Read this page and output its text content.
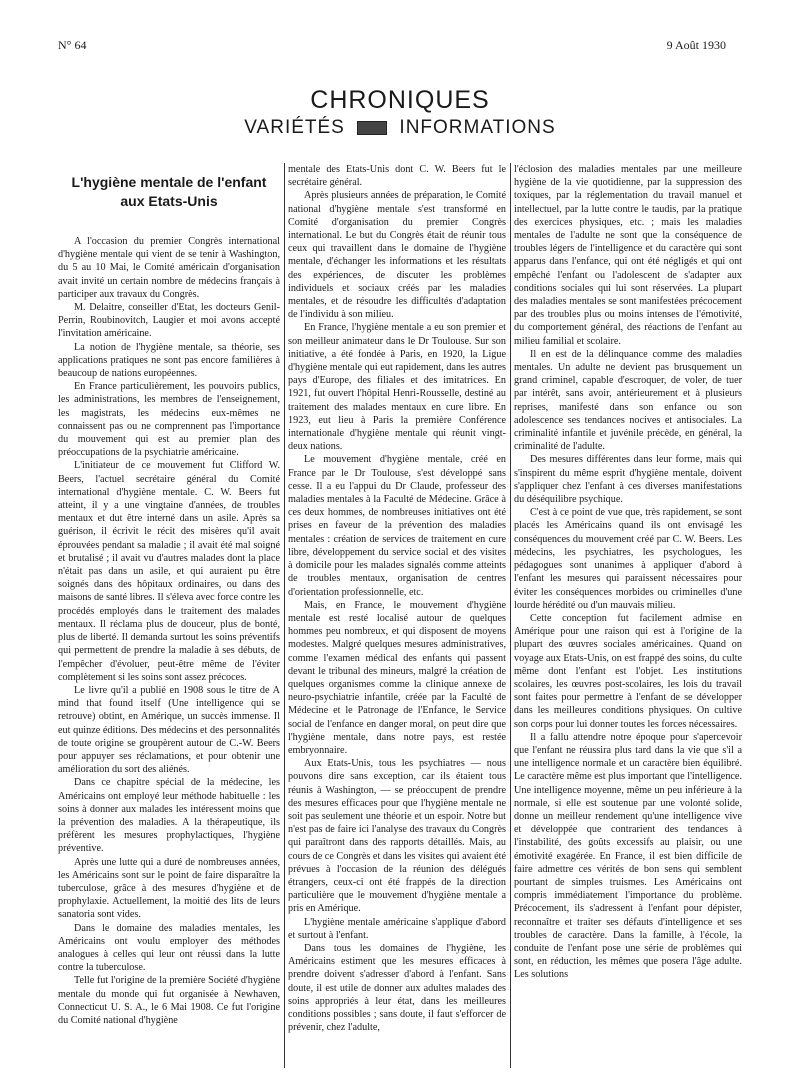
N° 64	9 Août 1930
CHRONIQUES
VARIÉTÉS	INFORMATIONS
L'hygiène mentale de l'enfant aux Etats-Unis

A l'occasion du premier Congrès international d'hygiène mentale qui vient de se tenir à Washington, du 5 au 10 Mai, le Comité américain d'organisation avait invité un certain nombre de médecins français à participer aux travaux du Congrès.

M. Delaitre, conseiller d'Etat, les docteurs Genil-Perrin, Roubinovitch, Laugier et moi avons accepté l'invitation américaine.

La notion de l'hygiène mentale, sa théorie, ses applications pratiques ne sont pas encore familières à beaucoup de nations européennes.

En France particulièrement, les pouvoirs publics, les administrations, les membres de l'enseignement, les magistrats, les médecins eux-mêmes ne connaissent pas ou ne comprennent pas l'importance du mouvement qui est au premier plan des préoccupations de la psychiatrie américaine.

L'initiateur de ce mouvement fut Clifford W. Beers, l'actuel secrétaire général du Comité international d'hygiène mentale. C. W. Beers fut atteint, il y a une vingtaine d'années, de troubles mentaux et dut être interné dans un asile. Après sa guérison, il écrivit le récit des misères qu'il avait éprouvées pendant sa maladie ; il avait été mal soigné et brutalisé ; il avait vu d'autres malades dont la place n'était pas dans un asile, et qui auraient pu être soignés dans des hôpitaux ordinaires, ou dans des maisons de santé libres. Il s'éleva avec force contre les procédés employés dans le traitement des malades mentaux. Il réclama plus de douceur, plus de bonté, plus de liberté. Il demanda surtout les soins préventifs qui permettent de prendre la maladie à ses débuts, de l'empêcher d'évoluer, peut-être même de l'éviter complètement si les soins sont assez précoces.

Le livre qu'il a publié en 1908 sous le titre de A mind that found itself (Une intelligence qui se retrouve) obtint, en Amérique, un succès immense. Il eut quinze éditions. Des médecins et des personnalités de toute origine se groupèrent autour de C.-W. Beers pour appuyer ses réclamations, et pour obtenir une amélioration du sort des aliénés.

Dans ce chapitre spécial de la médecine, les Américains ont employé leur méthode habituelle : les soins à donner aux malades les intéressent moins que la prévention des maladies. A la thérapeutique, ils préfèrent les mesures prophylactiques, l'hygiène préventive.

Après une lutte qui a duré de nombreuses années, les Américains sont sur le point de faire disparaître la tuberculose, grâce à des mesures d'hygiène et de prophylaxie. Actuellement, la moitié des lits de leurs sanatoria sont vides.

Dans le domaine des maladies mentales, les Américains ont voulu employer des méthodes analogues à celles qui leur ont réussi dans la lutte contre la tuberculose.

Telle fut l'origine de la première Société d'hygiène mentale du monde qui fut organisée à Newhaven, Connecticut U. S. A., le 6 Mai 1908. Ce fut l'origine du Comité national d'hygiène

mentale des Etats-Unis dont C. W. Beers fut le secrétaire général.

Après plusieurs années de préparation, le Comité national d'hygiène mentale s'est transformé en Comité d'organisation du premier Congrès international. Le but du Congrès était de réunir tous ceux qui travaillent dans le domaine de l'hygiène mentale, d'échanger les informations et les résultats des expériences, de discuter les problèmes individuels et sociaux créés par les maladies mentales, et de résoudre les difficultés d'adaptation de l'individu à son milieu.

En France, l'hygiène mentale a eu son premier et son meilleur animateur dans le Dr Toulouse. Sur son initiative, a été fondée à Paris, en 1920, la Ligue d'hygiène mentale qui eut rapidement, dans les autres pays d'Europe, des filiales et des imitatrices. En 1921, fut ouvert l'hôpital Henri-Rousselle, destiné au traitement des malades mentaux en cure libre. En 1923, eut lieu à Paris la première Conférence internationale d'hygiène mentale qui réunit vingt-deux nations.

Le mouvement d'hygiène mentale, créé en France par le Dr Toulouse, s'est développé sans cesse. Il a eu l'appui du Dr Claude, professeur des maladies mentales à la Faculté de Médecine. Grâce à ces deux hommes, de nombreuses initiatives ont été prises en faveur de la prévention des maladies mentales : création de services de traitement en cure libre, développement du service social et des visites à domicile pour les malades signalés comme atteints de troubles mentaux, organisation de centres d'orientation professionnelle, etc.

Mais, en France, le mouvement d'hygiène mentale est resté localisé autour de quelques hommes peu nombreux, et qui disposent de moyens modestes. Malgré quelques mesures administratives, comme l'examen médical des enfants qui passent devant le tribunal des mineurs, malgré la création de quelques organismes comme la clinique annexe de neuro-psychiatrie infantile, créée par la Faculté de Médecine et le Patronage de l'Enfance, le Service social de l'enfance en danger moral, on peut dire que l'hygiène mentale, dans notre pays, est restée embryonnaire.

Aux Etats-Unis, tous les psychiatres — nous pouvons dire sans exception, car ils étaient tous réunis à Washington, — se préoccupent de prendre des mesures efficaces pour que l'hygiène mentale ne soit pas seulement une théorie et un espoir. Notre but n'est pas de faire ici l'analyse des travaux du Congrès qui paraîtront dans des rapports détaillés. Mais, au cours de ce Congrès et dans les visites qui avaient été prévues à l'occasion de la réunion des délégués étrangers, ceux-ci ont été frappés de la direction particulière que le mouvement d'hygiène mentale a pris en Amérique.

L'hygiène mentale américaine s'applique d'abord et surtout à l'enfant.

Dans tous les domaines de l'hygiène, les Américains estiment que les mesures efficaces à prendre doivent s'adresser d'abord à l'enfant. Sans doute, il est utile de donner aux adultes malades des soins appropriés à leur état, dans les meilleures conditions possibles ; sans doute, il faut s'efforcer de prévenir, chez l'adulte,

l'éclosion des maladies mentales par une meilleure hygiène de la vie quotidienne, par la suppression des toxiques, par la réglementation du travail manuel et intellectuel, par la lutte contre le taudis, par la pratique des exercices physiques, etc. ; mais les maladies mentales de l'adulte ne sont que la conséquence de troubles légers de l'intelligence et du caractère qui sont apparus dans l'enfance, qui ont été négligés et qui ont empêché l'enfant ou l'adolescent de s'adapter aux conditions sociales qui lui sont réservées. La plupart des maladies mentales se sont manifestées précocement par des troubles plus ou moins intenses de l'émotivité, du comportement général, des réactions de l'enfant au milieu familial et scolaire.

Il en est de la délinquance comme des maladies mentales. Un adulte ne devient pas brusquement un grand criminel, capable d'escroquer, de voler, de tuer par intérêt, sans avoir, antérieurement et à plusieurs reprises, manifesté dans son enfance ou son adolescence ses tendances nocives et antisociales. La criminalité infantile et juvénile précède, en général, la criminalité de l'adulte.

Des mesures différentes dans leur forme, mais qui s'inspirent du même esprit d'hygiène mentale, doivent s'appliquer chez l'enfant à ces diverses manifestations du déséquilibre psychique.

C'est à ce point de vue que, très rapidement, se sont placés les Américains quand ils ont envisagé les conséquences du mouvement créé par C. W. Beers. Les médecins, les psychiatres, les psychologues, les pédagogues sont unanimes à appliquer d'abord à l'enfant les mesures qui paraissent nécessaires pour éviter les conséquences morbides ou criminelles d'une lourde hérédité ou d'un mauvais milieu.

Cette conception fut facilement admise en Amérique pour une raison qui est à l'origine de la plupart des œuvres sociales américaines. Quand on voyage aux Etats-Unis, on est frappé des soins, du culte même dont l'enfant est l'objet. Les institutions scolaires, les œuvres post-scolaires, les lois du travail sont faites pour permettre à l'enfant de se développer dans les meilleures conditions physiques. On cultive son corps pour lui donner toutes les forces nécessaires.

Il a fallu attendre notre époque pour s'apercevoir que l'enfant ne réussira plus tard dans la vie que s'il a une intelligence normale et un caractère bien équilibré. Le caractère même est plus important que l'intelligence. Une intelligence moyenne, même un peu inférieure à la normale, si elle est soutenue par une volonté solide, donne un meilleur rendement qu'une intelligence vive et développée que contrarient des tendances à l'instabilité, des goûts excessifs au plaisir, ou une émotivité exagérée. En France, il est bien difficile de faire admettre ces vérités de bon sens qui semblent pourtant de simples truismes. Les Américains ont compris immédiatement l'importance du problème. Précocement, ils s'adressent à l'enfant pour dépister, reconnaître et traiter ses défauts d'intelligence et ses troubles de caractère. Dans la famille, à l'école, la conduite de l'enfant pose une série de problèmes qui sont, en réduction, les mêmes que posera l'âge adulte. Les solutions
